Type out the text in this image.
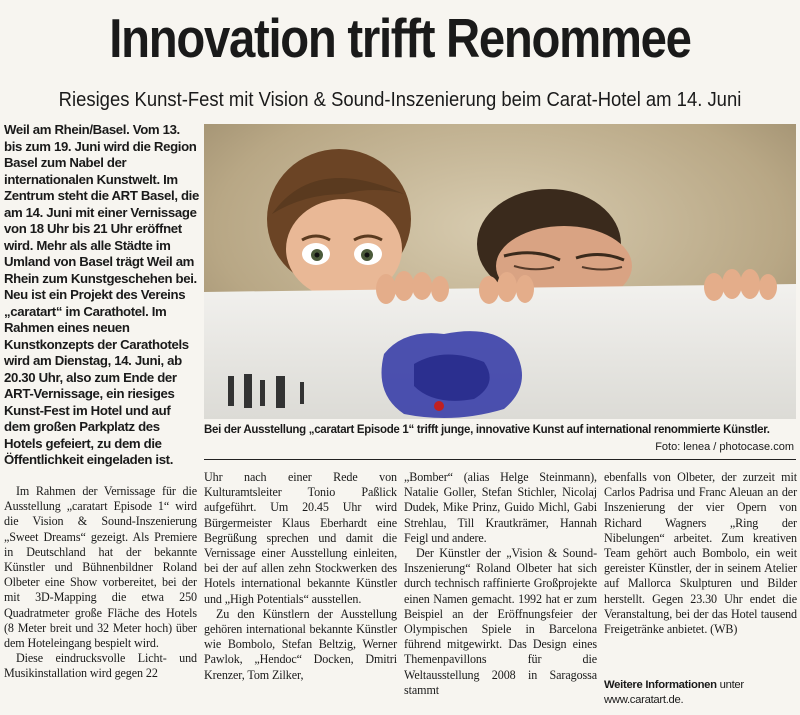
Innovation trifft Renommee
Riesiges Kunst-Fest mit Vision & Sound-Inszenierung beim Carat-Hotel am 14. Juni
Weil am Rhein/Basel. Vom 13. bis zum 19. Juni wird die Region Basel zum Nabel der internationalen Kunstwelt. Im Zentrum steht die ART Basel, die am 14. Juni mit einer Vernissage von 18 Uhr bis 21 Uhr eröffnet wird. Mehr als alle Städte im Umland von Basel trägt Weil am Rhein zum Kunstgeschehen bei. Neu ist ein Projekt des Vereins „caratart“ im Carathotel. Im Rahmen eines neuen Kunstkonzepts der Carathotels wird am Dienstag, 14. Juni, ab 20.30 Uhr, also zum Ende der ART-Vernissage, ein riesiges Kunst-Fest im Hotel und auf dem großen Parkplatz des Hotels gefeiert, zu dem die Öffentlichkeit eingeladen ist.
Bei der Ausstellung „caratart Episode 1“ trifft junge, innovative Kunst auf international renommierte Künstler.
Foto: lenea / photocase.com

Im Rahmen der Vernissage für die Ausstellung „caratart Episode 1“ wird die Vision & Sound-Inszenierung „Sweet Dreams“ gezeigt. Als Premiere in Deutschland hat der bekannte Künstler und Bühnenbildner Roland Olbeter eine Show vorbereitet, bei der mit 3D-Mapping die etwa 250 Quadratmeter große Fläche des Hotels (8 Meter breit und 32 Meter hoch) über dem Hoteleingang bespielt wird.

Diese eindrucksvolle Licht- und Musikinstallation wird gegen 22

Uhr nach einer Rede von Kulturamtsleiter Tonio Paßlick aufgeführt. Um 20.45 Uhr wird Bürgermeister Klaus Eberhardt eine Begrüßung sprechen und damit die Vernissage einer Ausstellung einleiten, bei der auf allen zehn Stockwerken des Hotels international bekannte Künstler und „High Potentials“ ausstellen.

Zu den Künstlern der Ausstellung gehören international bekannte Künstler wie Bombolo, Stefan Beltzig, Werner Pawlok, „Hendoc“ Docken, Dmitri Krenzer, Tom Zilker,

„Bomber“ (alias Helge Steinmann), Natalie Goller, Stefan Stichler, Nicolaj Dudek, Mike Prinz, Guido Michl, Gabi Strehlau, Till Krautkrämer, Hannah Feigl und andere.

Der Künstler der „Vision & Sound-Inszenierung“ Roland Olbeter hat sich durch technisch raffinierte Großprojekte einen Namen gemacht. 1992 hat er zum Beispiel an der Eröffnungsfeier der Olympischen Spiele in Barcelona führend mitgewirkt. Das Design eines Themenpavillons für die Weltausstellung 2008 in Saragossa stammt

ebenfalls von Olbeter, der zurzeit mit Carlos Padrisa und Franc Aleuan an der Inszenierung der vier Opern von Richard Wagners „Ring der Nibelungen“ arbeitet. Zum kreativen Team gehört auch Bombolo, ein weit gereister Künstler, der in seinem Atelier auf Mallorca Skulpturen und Bilder herstellt. Gegen 23.30 Uhr endet die Veranstaltung, bei der das Hotel tausend Freigetränke anbietet. (WB)

Weitere Informationen unter www.caratart.de.
